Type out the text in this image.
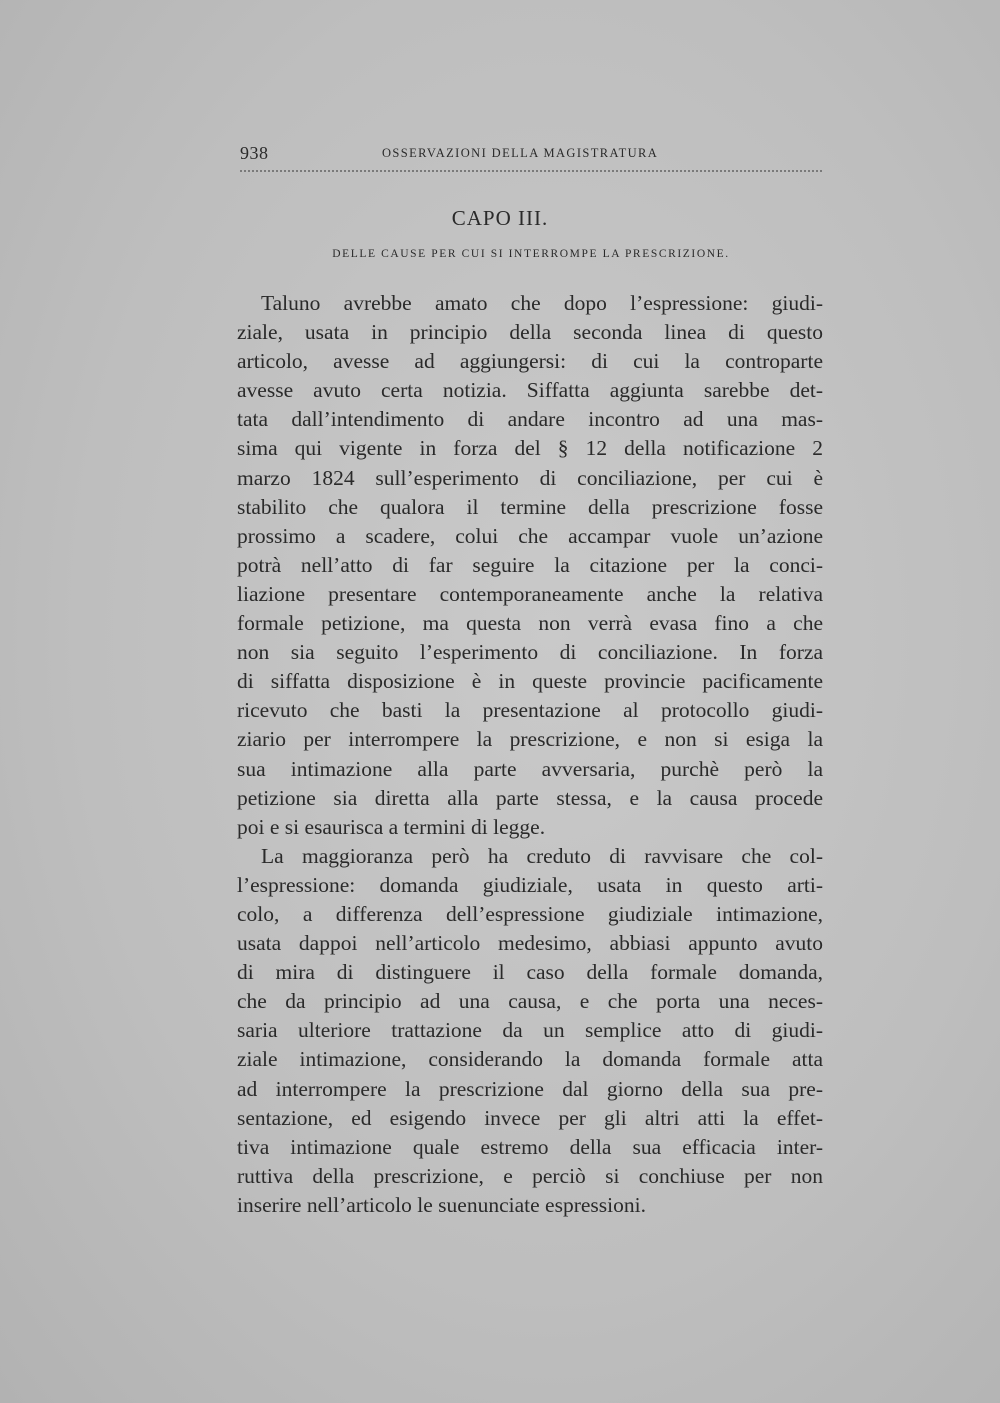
938	OSSERVAZIONI DELLA MAGISTRATURA
CAPO III.
DELLE CAUSE PER CUI SI INTERROMPE LA PRESCRIZIONE.
Taluno avrebbe amato che dopo l’espressione: giudi-
ziale, usata in principio della seconda linea di questo
articolo, avesse ad aggiungersi: di cui la controparte
avesse avuto certa notizia. Siffatta aggiunta sarebbe det-
tata dall’intendimento di andare incontro ad una mas-
sima qui vigente in forza del § 12 della notificazione 2
marzo 1824 sull’esperimento di conciliazione, per cui è
stabilito che qualora il termine della prescrizione fosse
prossimo a scadere, colui che accampar vuole un’azione
potrà nell’atto di far seguire la citazione per la conci-
liazione presentare contemporaneamente anche la relativa
formale petizione, ma questa non verrà evasa fino a che
non sia seguito l’esperimento di conciliazione. In forza
di siffatta disposizione è in queste provincie pacificamente
ricevuto che basti la presentazione al protocollo giudi-
ziario per interrompere la prescrizione, e non si esiga la
sua intimazione alla parte avversaria, purchè però la
petizione sia diretta alla parte stessa, e la causa procede
poi e si esaurisca a termini di legge.
La maggioranza però ha creduto di ravvisare che col-
l’espressione: domanda giudiziale, usata in questo arti-
colo, a differenza dell’espressione giudiziale intimazione,
usata dappoi nell’articolo medesimo, abbiasi appunto avuto
di mira di distinguere il caso della formale domanda,
che da principio ad una causa, e che porta una neces-
saria ulteriore trattazione da un semplice atto di giudi-
ziale intimazione, considerando la domanda formale atta
ad interrompere la prescrizione dal giorno della sua pre-
sentazione, ed esigendo invece per gli altri atti la effet-
tiva intimazione quale estremo della sua efficacia inter-
ruttiva della prescrizione, e perciò si conchiuse per non
inserire nell’articolo le suenunciate espressioni.
